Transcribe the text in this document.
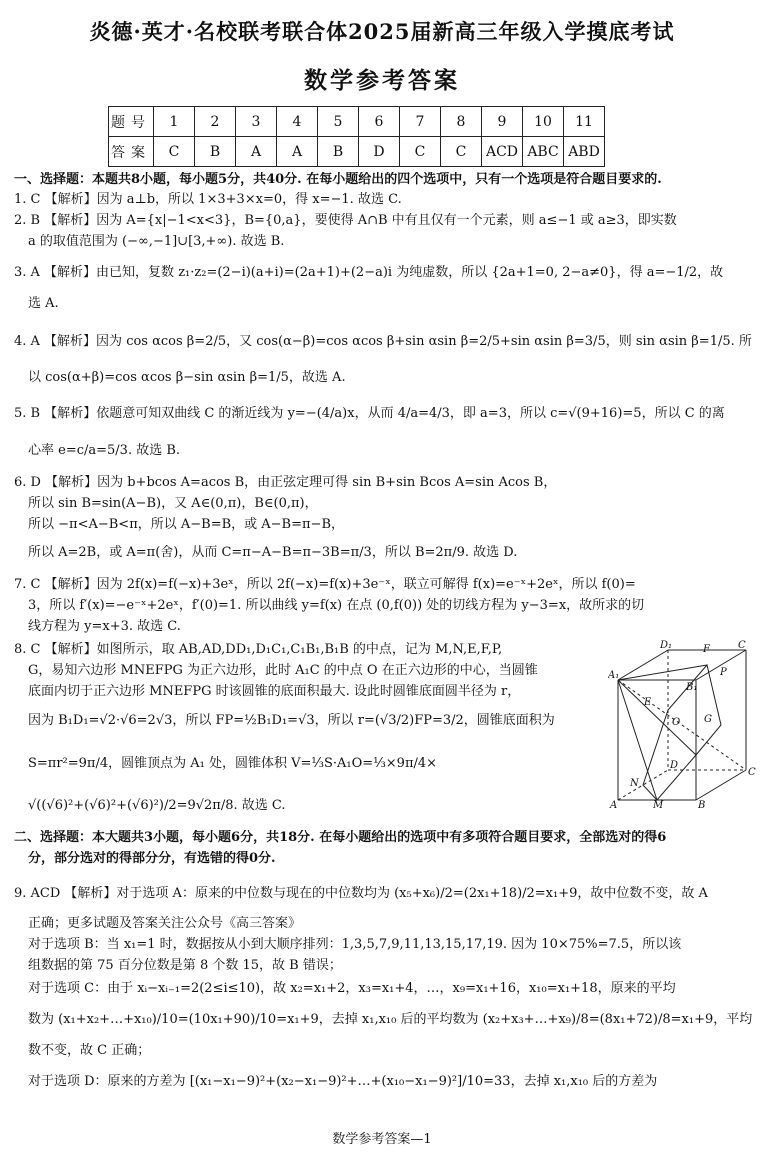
炎德·英才·名校联考联合体2025届新高三年级入学摸底考试
数学参考答案
题号	1	2	3	4	5	6	7	8	9	10	11
答案	C	B	A	A	B	D	C	C	ACD	ABC	ABD
一、选择题：本题共8小题，每小题5分，共40分. 在每小题给出的四个选项中，只有一个选项是符合题目要求的.
1. C 【解析】因为 a⊥b，所以 1×3+3×x=0，得 x=−1. 故选 C.
2. B 【解析】因为 A={x|−1<x<3}，B={0,a}，要使得 A∩B 中有且仅有一个元素，则 a≤−1 或 a≥3，即实数
a 的取值范围为 (−∞,−1]∪[3,+∞). 故选 B.
3. A 【解析】由已知，复数 z₁·z₂=(2−i)(a+i)=(2a+1)+(2−a)i 为纯虚数，所以 {2a+1=0, 2−a≠0}，得 a=−1/2，故
选 A.
4. A 【解析】因为 cos αcos β=2/5，又 cos(α−β)=cos αcos β+sin αsin β=2/5+sin αsin β=3/5，则 sin αsin β=1/5. 所
以 cos(α+β)=cos αcos β−sin αsin β=1/5，故选 A.
5. B 【解析】依题意可知双曲线 C 的渐近线为 y=−(4/a)x，从而 4/a=4/3，即 a=3，所以 c=√(9+16)=5，所以 C 的离
心率 e=c/a=5/3. 故选 B.
6. D 【解析】因为 b+bcos A=acos B，由正弦定理可得 sin B+sin Bcos A=sin Acos B，
所以 sin B=sin(A−B)，又 A∈(0,π)，B∈(0,π)，
所以 −π<A−B<π，所以 A−B=B，或 A−B=π−B，
所以 A=2B，或 A=π(舍)，从而 C=π−A−B=π−3B=π/3，所以 B=2π/9. 故选 D.
7. C 【解析】因为 2f(x)=f(−x)+3eˣ，所以 2f(−x)=f(x)+3e⁻ˣ，联立可解得 f(x)=e⁻ˣ+2eˣ，所以 f(0)=
3，所以 f′(x)=−e⁻ˣ+2eˣ，f′(0)=1. 所以曲线 y=f(x) 在点 (0,f(0)) 处的切线方程为 y−3=x，故所求的切
线方程为 y=x+3. 故选 C.
8. C 【解析】如图所示，取 AB,AD,DD₁,D₁C₁,C₁B₁,B₁B 的中点，记为 M,N,E,F,P,
G，易知六边形 MNEFPG 为正六边形，此时 A₁C 的中点 O 在正六边形的中心，当圆锥
底面内切于正六边形 MNEFPG 时该圆锥的底面积最大. 设此时圆锥底面圆半径为 r，
因为 B₁D₁=√2·√6=2√3，所以 FP=½B₁D₁=√3，所以 r=(√3/2)FP=3/2，圆锥底面积为
S=πr²=9π/4，圆锥顶点为 A₁ 处，圆锥体积 V=⅓S·A₁O=⅓×9π/4×
√((√6)²+(√6)²+(√6)²)/2=9√2π/8. 故选 C.
二、选择题：本大题共3小题，每小题6分，共18分. 在每小题给出的选项中有多项符合题目要求，全部选对的得6
分，部分选对的得部分分，有选错的得0分.
9. ACD 【解析】对于选项 A：原来的中位数与现在的中位数均为 (x₅+x₆)/2=(2x₁+18)/2=x₁+9，故中位数不变，故 A
正确；更多试题及答案关注公众号《高三答案》
对于选项 B：当 x₁=1 时，数据按从小到大顺序排列：1,3,5,7,9,11,13,15,17,19. 因为 10×75%=7.5，所以该
组数据的第 75 百分位数是第 8 个数 15，故 B 错误；
对于选项 C：由于 xᵢ−xᵢ₋₁=2(2≤i≤10)，故 x₂=x₁+2，x₃=x₁+4，…，x₉=x₁+16，x₁₀=x₁+18，原来的平均
数为 (x₁+x₂+…+x₁₀)/10=(10x₁+90)/10=x₁+9，去掉 x₁,x₁₀ 后的平均数为 (x₂+x₃+…+x₉)/8=(8x₁+72)/8=x₁+9，平均
数不变，故 C 正确；
对于选项 D：原来的方差为 [(x₁−x₁−9)²+(x₂−x₁−9)²+…+(x₁₀−x₁−9)²]/10=33，去掉 x₁,x₁₀ 后的方差为
D₁	F	C
A₁
B₁
P
E
O G
D
N
C
A	M	B
数学参考答案—1
